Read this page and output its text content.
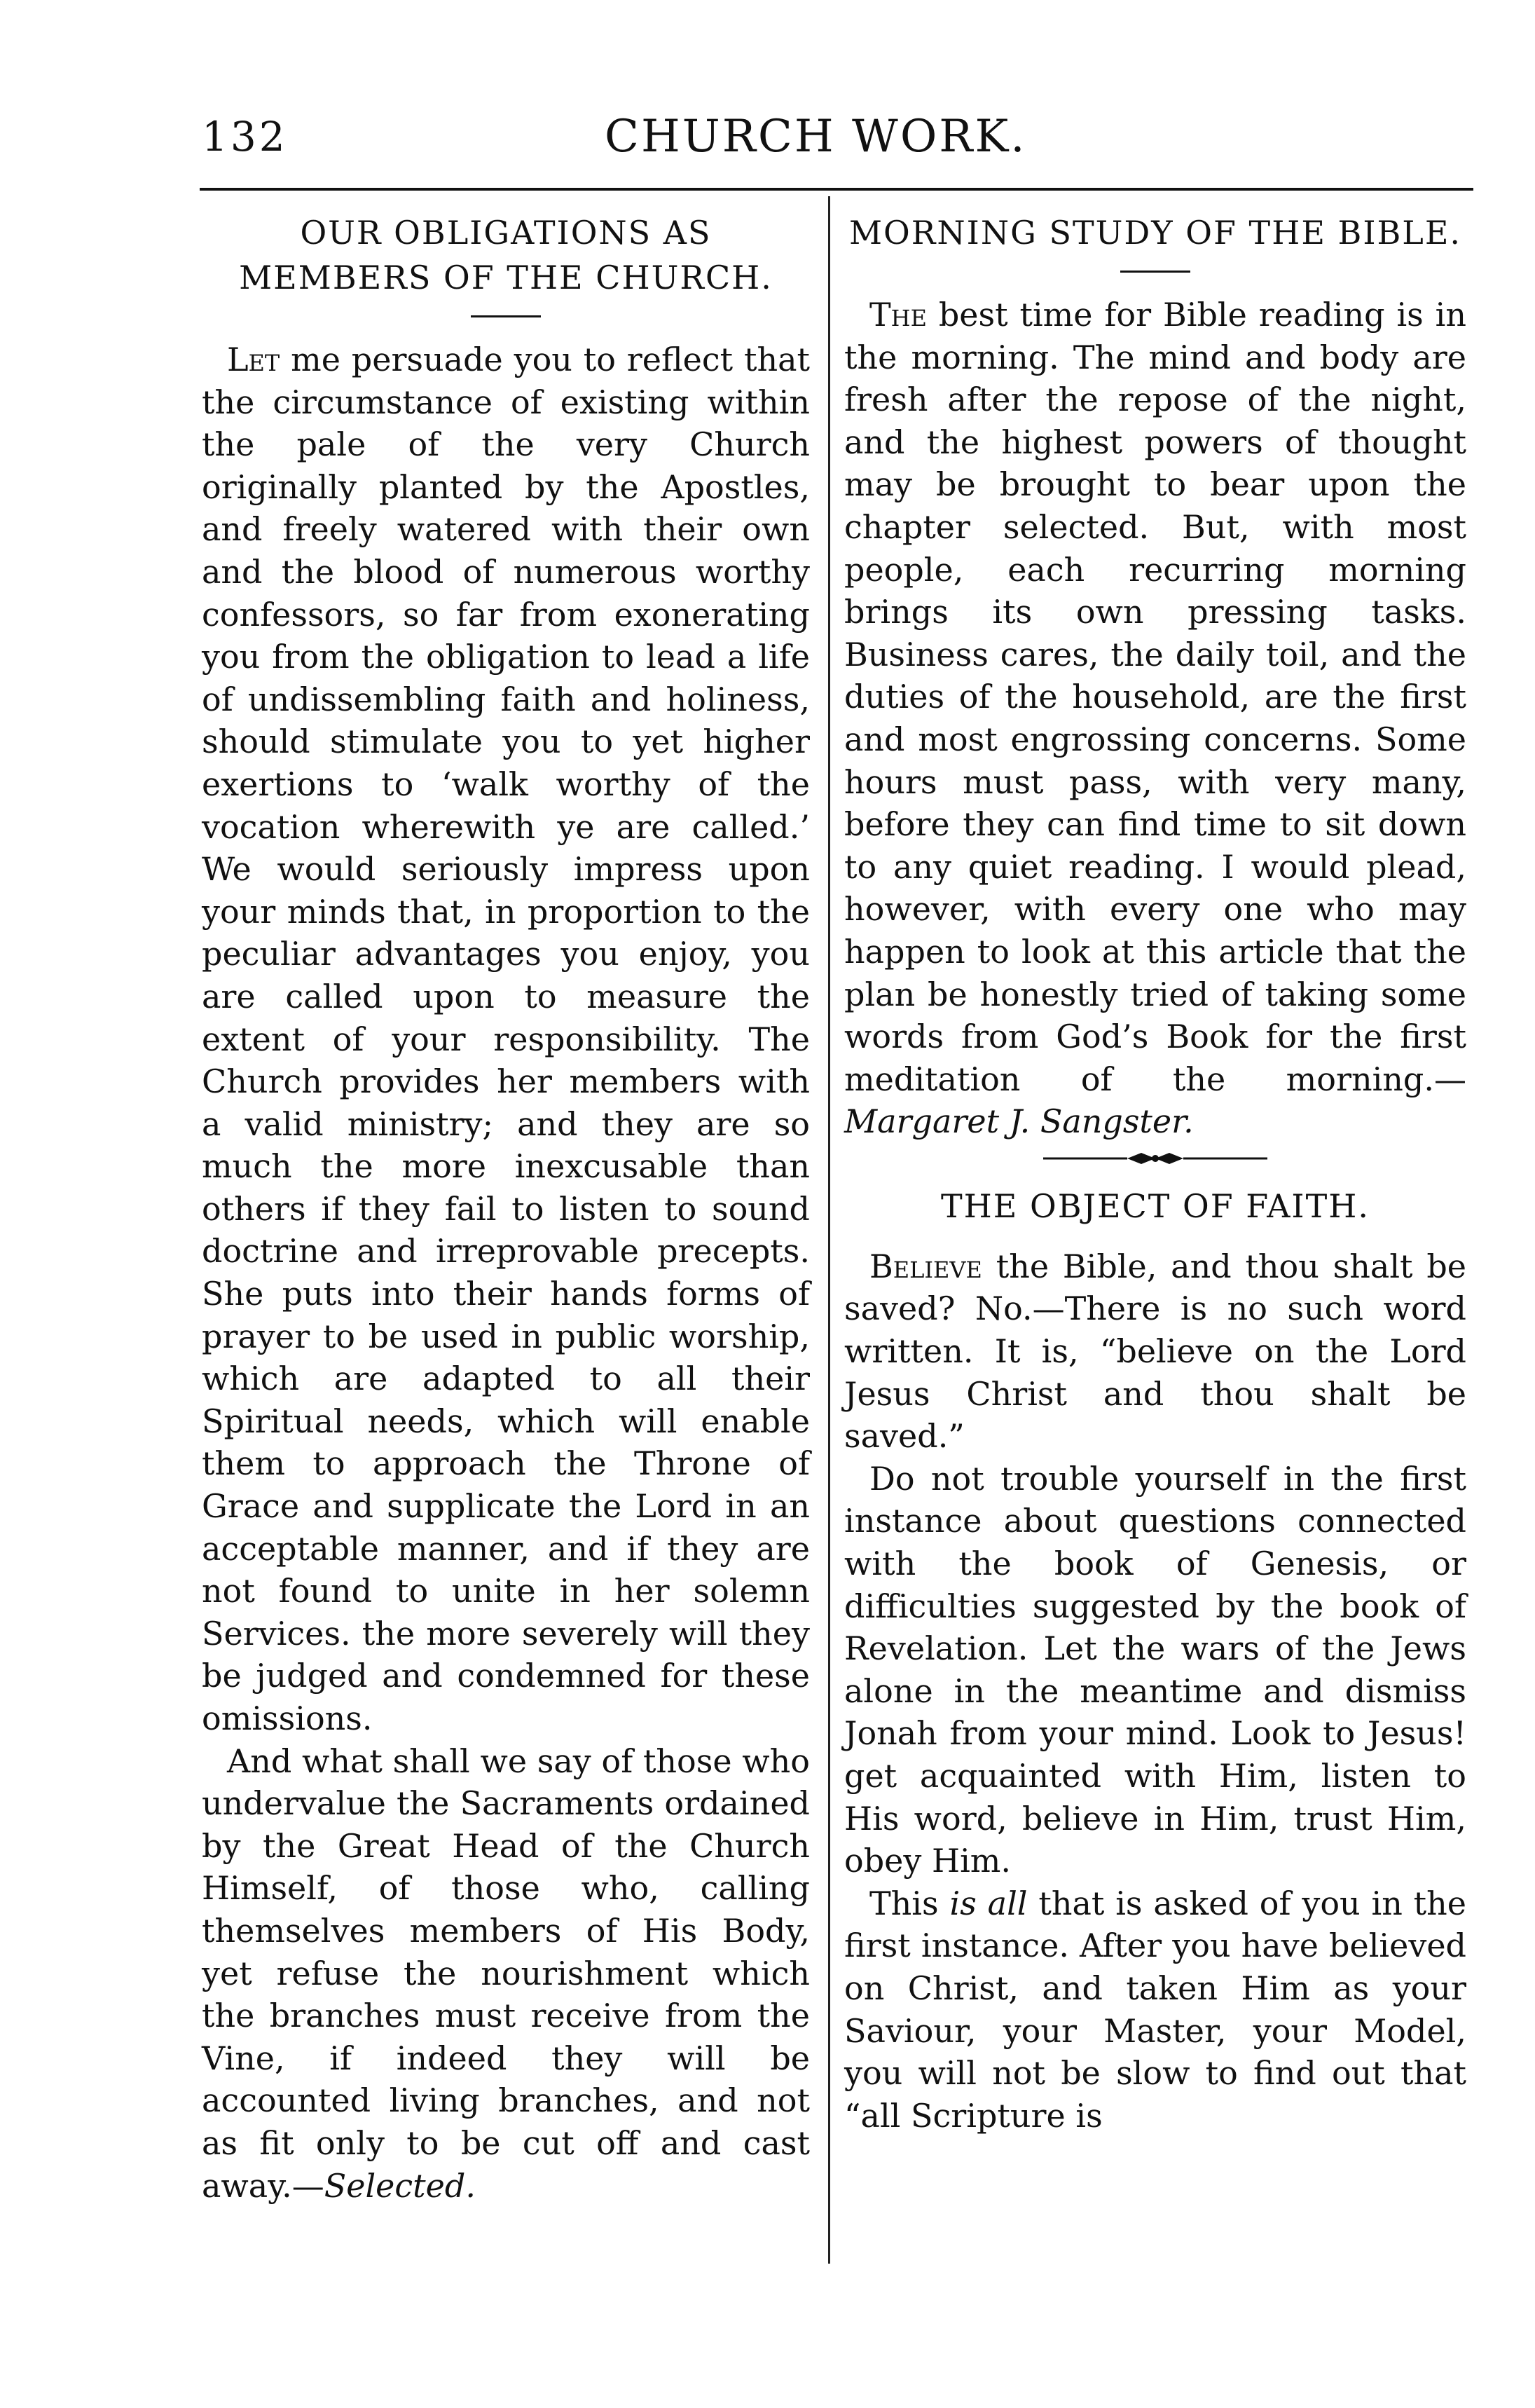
132	CHURCH WORK.
OUR OBLIGATIONS AS MEMBERS OF THE CHURCH.

Let me persuade you to reflect that the circumstance of existing within the pale of the very Church originally planted by the Apostles, and freely watered with their own and the blood of numerous worthy confessors, so far from exonerating you from the obligation to lead a life of undissembling faith and holiness, should stimulate you to yet higher exertions to ‘walk worthy of the vocation wherewith ye are called.’ We would seriously impress upon your minds that, in proportion to the peculiar advantages you enjoy, you are called upon to measure the extent of your responsibility. The Church provides her members with a valid ministry; and they are so much the more inexcusable than others if they fail to listen to sound doctrine and irreprovable precepts. She puts into their hands forms of prayer to be used in public worship, which are adapted to all their Spiritual needs, which will enable them to approach the Throne of Grace and supplicate the Lord in an acceptable manner, and if they are not found to unite in her solemn Services. the more severely will they be judged and condemned for these omissions.

And what shall we say of those who undervalue the Sacraments ordained by the Great Head of the Church Himself, of those who, calling themselves members of His Body, yet refuse the nourishment which the branches must receive from the Vine, if indeed they will be accounted living branches, and not as fit only to be cut off and cast away.—Selected.

MORNING STUDY OF THE BIBLE.

The best time for Bible reading is in the morning. The mind and body are fresh after the repose of the night, and the highest powers of thought may be brought to bear upon the chapter selected. But, with most people, each recurring morning brings its own pressing tasks. Business cares, the daily toil, and the duties of the household, are the first and most engrossing concerns. Some hours must pass, with very many, before they can find time to sit down to any quiet reading. I would plead, however, with every one who may happen to look at this article that the plan be honestly tried of taking some words from God’s Book for the first meditation of the morning.—Margaret J. Sangster.

THE OBJECT OF FAITH.

Believe the Bible, and thou shalt be saved? No.—There is no such word written. It is, “believe on the Lord Jesus Christ and thou shalt be saved.”

Do not trouble yourself in the first instance about questions connected with the book of Genesis, or difficulties suggested by the book of Revelation. Let the wars of the Jews alone in the meantime and dismiss Jonah from your mind. Look to Jesus! get acquainted with Him, listen to His word, believe in Him, trust Him, obey Him.

This is all that is asked of you in the first instance. After you have believed on Christ, and taken Him as your Saviour, your Master, your Model, you will not be slow to find out that “all Scripture is
